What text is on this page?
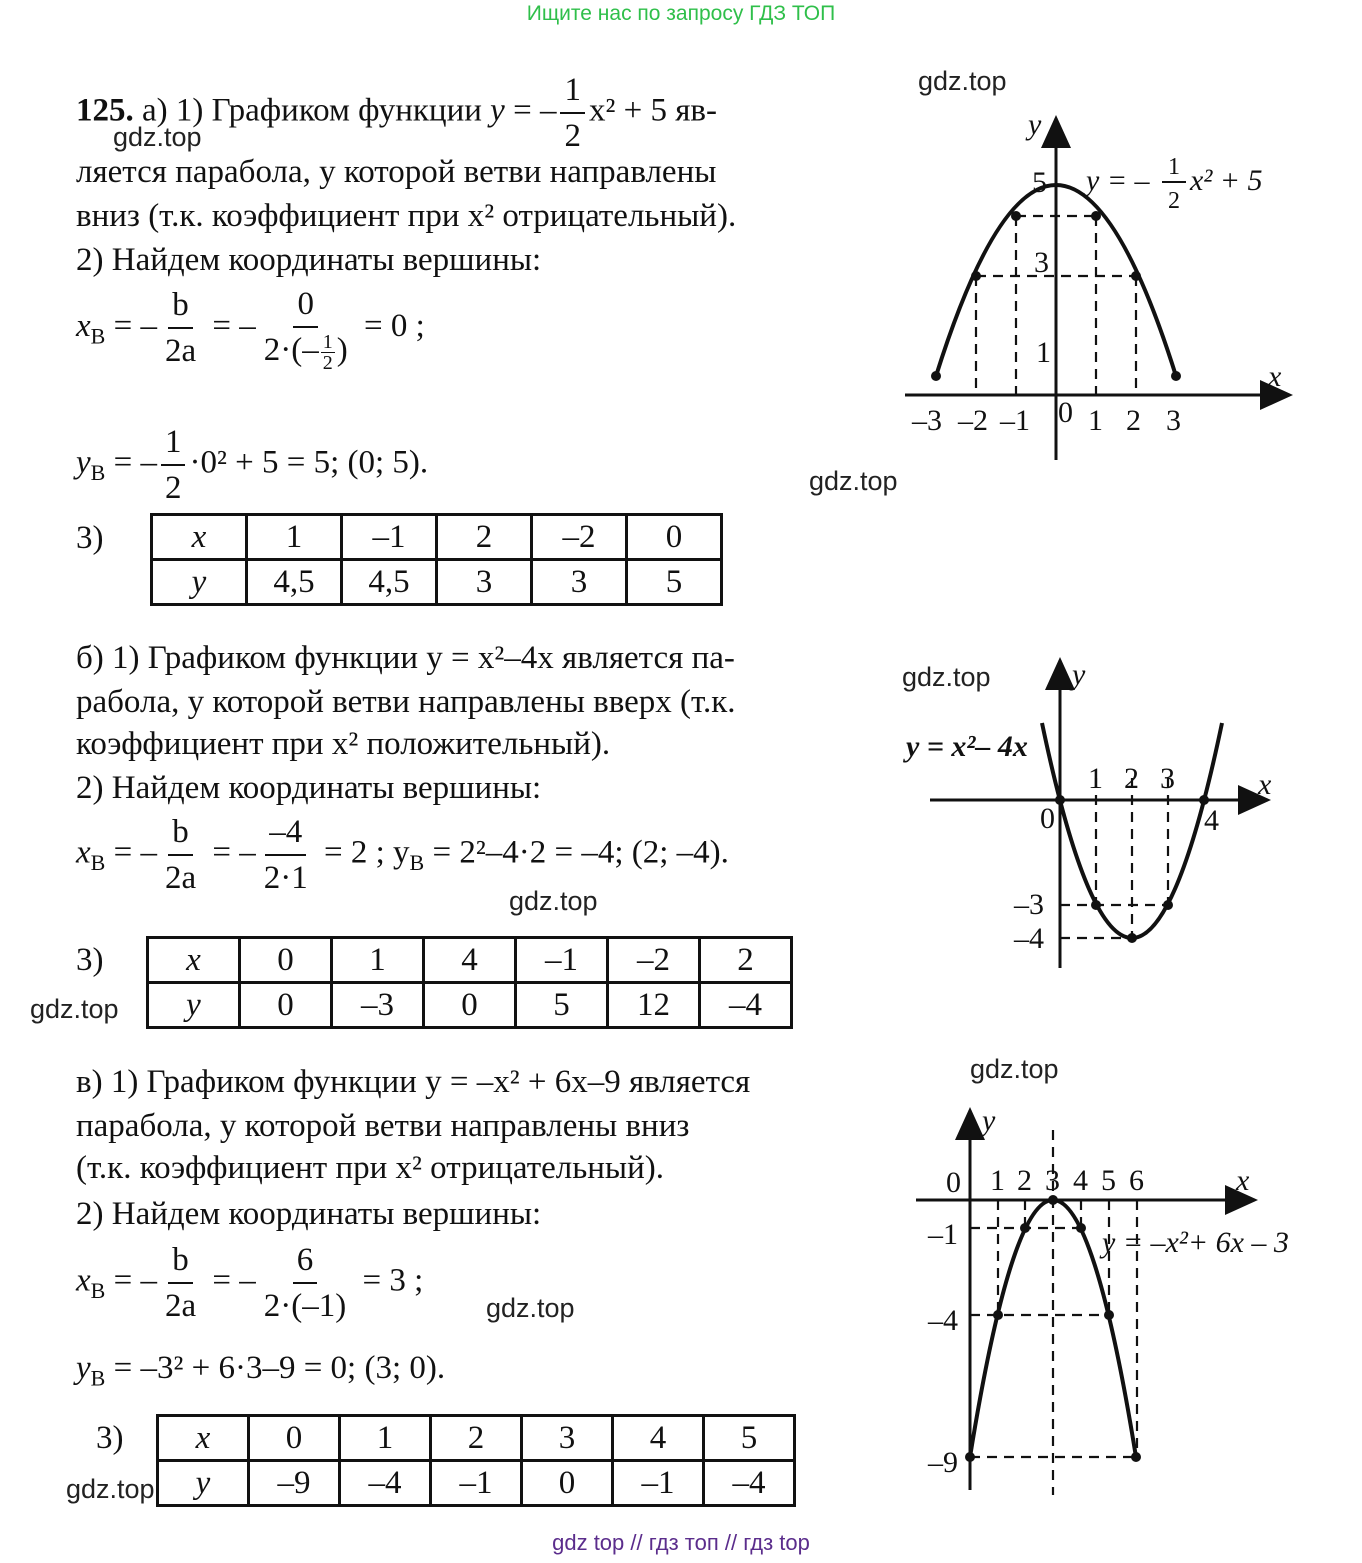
Ищите нас по запросу ГДЗ ТОП
gdz.top
gdz.top
gdz.top
gdz.top
gdz.top
gdz.top
gdz.top
gdz.top
gdz.top
125. а) 1) Графиком функции y = – $\frac{1}{2} x^2 + 5$ яв-
ляется парабола, у которой ветви направлены
вниз (т.к. коэффициент при x² отрицательный).
2) Найдем координаты вершины:
$x_B$ = – $\frac{b}{2a}$ = – $\frac{0}{2\cdot(- \frac{1}{2} )} = 0$ ;
$y_B$ = – $\frac{1}{2} \cdot 0^2 + 5 = 5$; (0; 5).
3)	x	1	–1	2	–2	0
y	4,5	4,5	3	3	5
y
x
5
3
1
–3 –2 –1 0 1 2 3
y = – 1
2
x² + 5
б) 1) Графиком функции y = x²–4x является па-
рабола, у которой ветви направлены вверх (т.к.
коэффициент при x² положительный).
2) Найдем координаты вершины:
$x_B$ = – $\frac{b}{2a}$ = – $\frac{-4}{2\cdot 1} = 2$ ; $y_B = 2^2-4\cdot 2 = -4$; (2; –4).
3)	x	0	1	4	–1	–2	2
y	0	–3	0	5	12	–4
y
x
y = x²– 4x
0
1 2 3
4
–3
–4
в) 1) Графиком функции y = –x² + 6x–9 является
парабола, у которой ветви направлены вниз
(т.к. коэффициент при x² отрицательный).
2) Найдем координаты вершины:
$x_B$ = – $\frac{b}{2a}$ = – $\frac{6}{2\cdot(-1)} = 3$ ;
$y_B = -3^2 + 6\cdot 3-9 = 0$; (3; 0).
3) x	0	1	2	3	4	5
y	–9	–4	–1	0	–1	–4
y
x
0 1 2 3 4 5 6
–1
–4
–9
y = –x²+ 6x – 3
gdz top // гдз топ // гдз top
